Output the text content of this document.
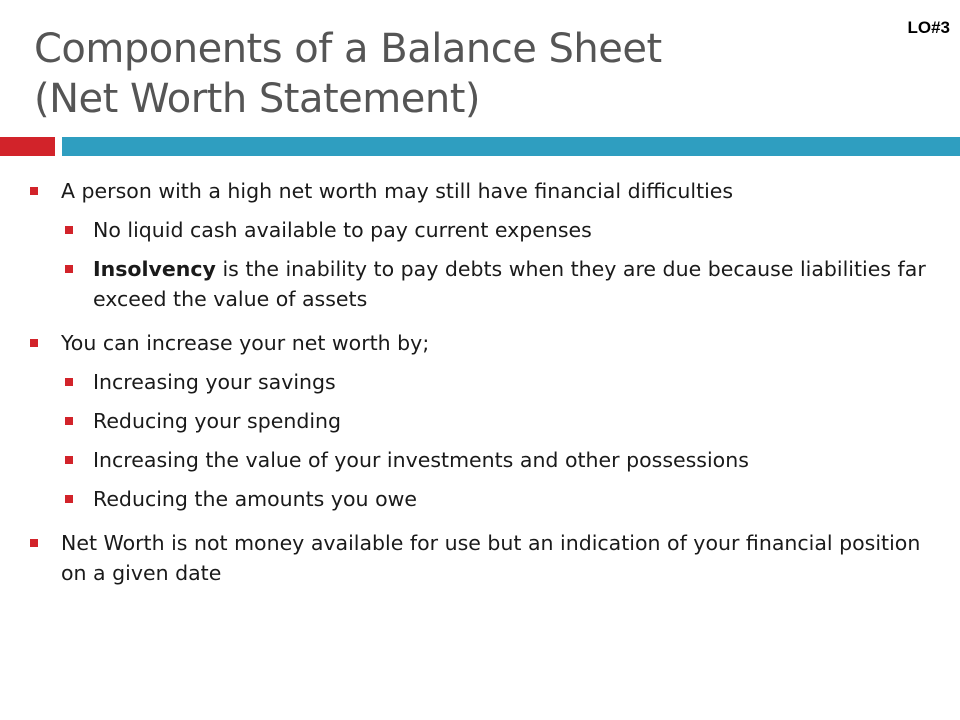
LO#3
Components of a Balance Sheet
(Net Worth Statement)
A person with a high net worth may still have financial difficulties
No liquid cash available to pay current expenses
Insolvency is the inability to pay debts when they are due because liabilities far exceed the value of assets
You can increase your net worth by;
Increasing your savings
Reducing your spending
Increasing the value of your investments and other possessions
Reducing the amounts you owe
Net Worth is not money available for use but an indication of your financial position on a given date
